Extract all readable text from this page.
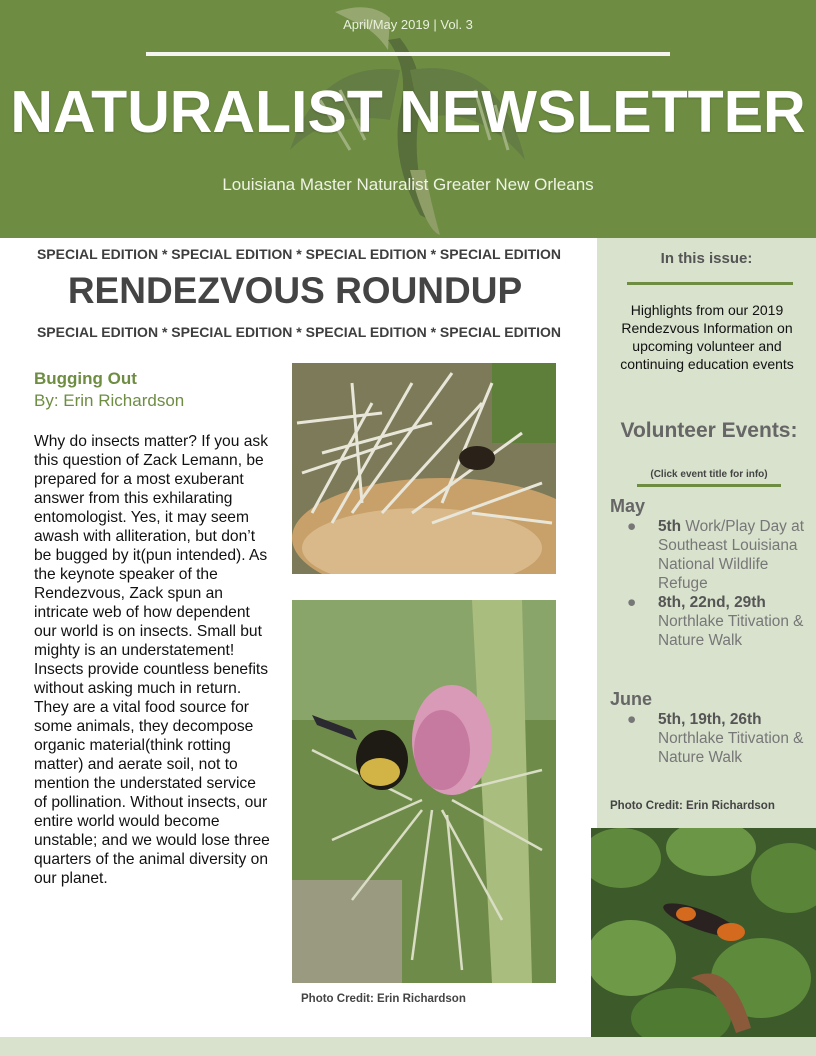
April/May 2019 | Vol. 3
NATURALIST NEWSLETTER
Louisiana Master Naturalist Greater New Orleans
SPECIAL EDITION * SPECIAL EDITION * SPECIAL EDITION * SPECIAL EDITION
RENDEZVOUS ROUNDUP
SPECIAL EDITION * SPECIAL EDITION * SPECIAL EDITION * SPECIAL EDITION
Bugging Out
By: Erin Richardson
Why do insects matter? If you ask this question of Zack Lemann, be prepared for a most exuberant answer from this exhilarating entomologist. Yes, it may seem awash with alliteration, but don’t be bugged by it(pun intended). As the keynote speaker of the Rendezvous, Zack spun an intricate web of how dependent our world is on insects. Small but mighty is an understatement! Insects provide countless benefits without asking much in return. They are a vital food source for some animals, they decompose organic material(think rotting matter) and aerate soil, not to mention the understated service of pollination. Without insects, our entire world would become unstable; and we would lose three quarters of the animal diversity on our planet.
Photo Credit: Erin Richardson
In this issue:
Highlights from our 2019 Rendezvous Information on upcoming volunteer and continuing education events
Volunteer Events:
(Click event title for info)
May
● 5th Work/Play Day at Southeast Louisiana National Wildlife Refuge
● 8th, 22nd, 29th
Northlake Titivation & Nature Walk
June
● 5th, 19th, 26th
Northlake Titivation & Nature Walk
Photo Credit: Erin Richardson
